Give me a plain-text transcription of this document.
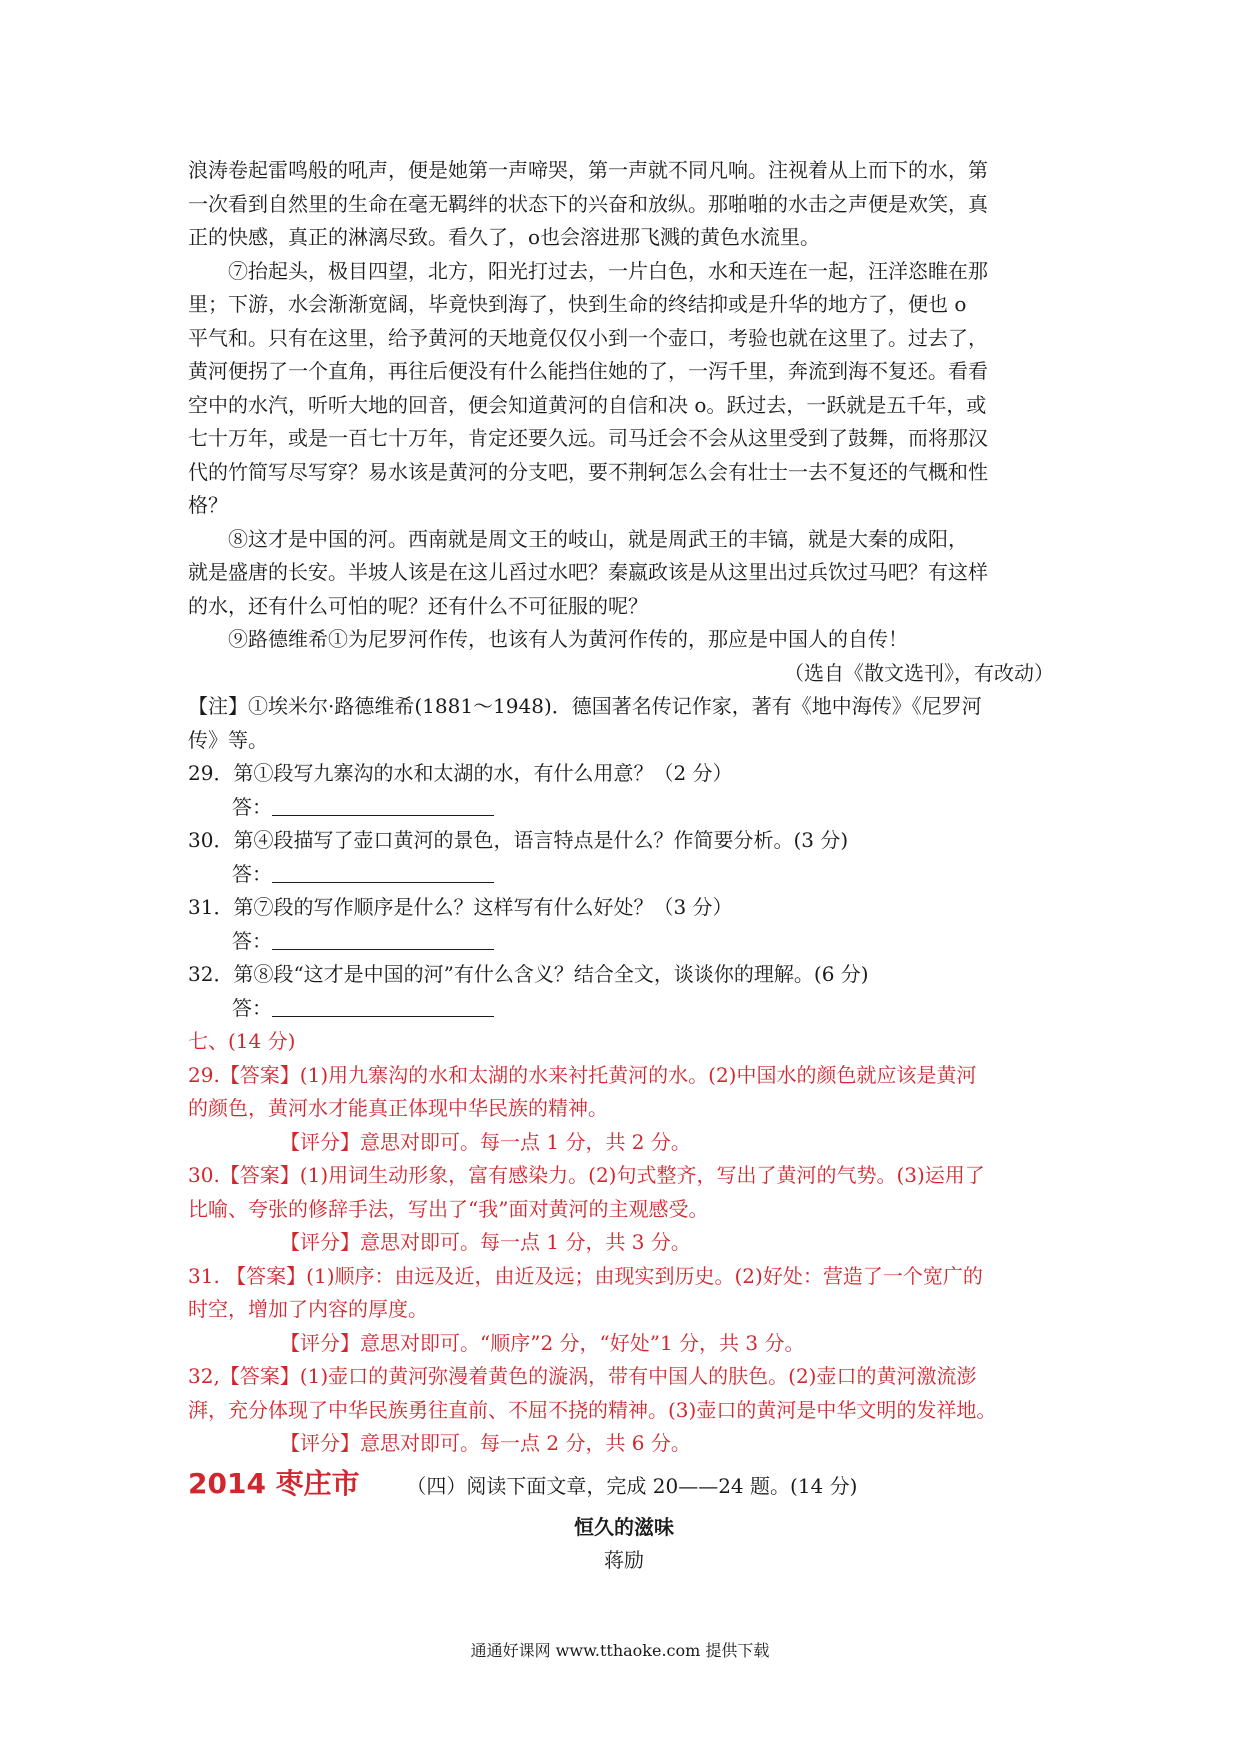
浪涛卷起雷鸣般的吼声，便是她第一声啼哭，第一声就不同凡响。注视着从上而下的水，第
一次看到自然里的生命在毫无羁绊的状态下的兴奋和放纵。那啪啪的水击之声便是欢笑，真
正的快感，真正的淋漓尽致。看久了，o也会溶进那飞溅的黄色水流里。
⑦抬起头，极目四望，北方，阳光打过去，一片白色，水和天连在一起，汪洋恣睢在那
里；下游，水会渐渐宽阔，毕竟快到海了，快到生命的终结抑或是升华的地方了，便也 o
平气和。只有在这里，给予黄河的天地竟仅仅小到一个壶口，考验也就在这里了。过去了，
黄河便拐了一个直角，再往后便没有什么能挡住她的了，一泻千里，奔流到海不复还。看看
空中的水汽，听听大地的回音，便会知道黄河的自信和决 o。跃过去，一跃就是五千年，或
七十万年，或是一百七十万年，肯定还要久远。司马迁会不会从这里受到了鼓舞，而将那汉
代的竹简写尽写穿？易水该是黄河的分支吧，要不荆轲怎么会有壮士一去不复还的气概和性
格？
⑧这才是中国的河。西南就是周文王的岐山，就是周武王的丰镐，就是大秦的成阳，
就是盛唐的长安。半坡人该是在这儿舀过水吧？秦嬴政该是从这里出过兵饮过马吧？有这样
的水，还有什么可怕的呢？还有什么不可征服的呢？
⑨路德维希①为尼罗河作传，也该有人为黄河作传的，那应是中国人的自传！
（选自《散文选刊》，有改动）
【注】①埃米尔·路德维希(1881～1948)．德国著名传记作家，著有《地中海传》《尼罗河
传》等。
29．第①段写九寨沟的水和太湖的水，有什么用意？（2 分）
答：
30．第④段描写了壶口黄河的景色，语言特点是什么？作简要分析。(3 分)
答：
31．第⑦段的写作顺序是什么？这样写有什么好处？（3 分）
答：
32．第⑧段“这才是中国的河”有什么含义？结合全文，谈谈你的理解。(6 分)
答：
七、(14 分)
29.【答案】(1)用九寨沟的水和太湖的水来衬托黄河的水。(2)中国水的颜色就应该是黄河
的颜色，黄河水才能真正体现中华民族的精神。
【评分】意思对即可。每一点 1 分，共 2 分。
30.【答案】(1)用词生动形象，富有感染力。(2)句式整齐，写出了黄河的气势。(3)运用了
比喻、夸张的修辞手法，写出了“我”面对黄河的主观感受。
【评分】意思对即可。每一点 1 分，共 3 分。
31. 【答案】(1)顺序：由远及近，由近及远；由现实到历史。(2)好处：营造了一个宽广的
时空，增加了内容的厚度。
【评分】意思对即可。“顺序”2 分，“好处”1 分，共 3 分。
32,【答案】(1)壶口的黄河弥漫着黄色的漩涡，带有中国人的肤色。(2)壶口的黄河激流澎
湃，充分体现了中华民族勇往直前、不屈不挠的精神。(3)壶口的黄河是中华文明的发祥地。
【评分】意思对即可。每一点 2 分，共 6 分。
2014 枣庄市 （四）阅读下面文章，完成 20——24 题。(14 分)
恒久的滋味
蒋励
通通好课网 www.tthaoke.com 提供下载
